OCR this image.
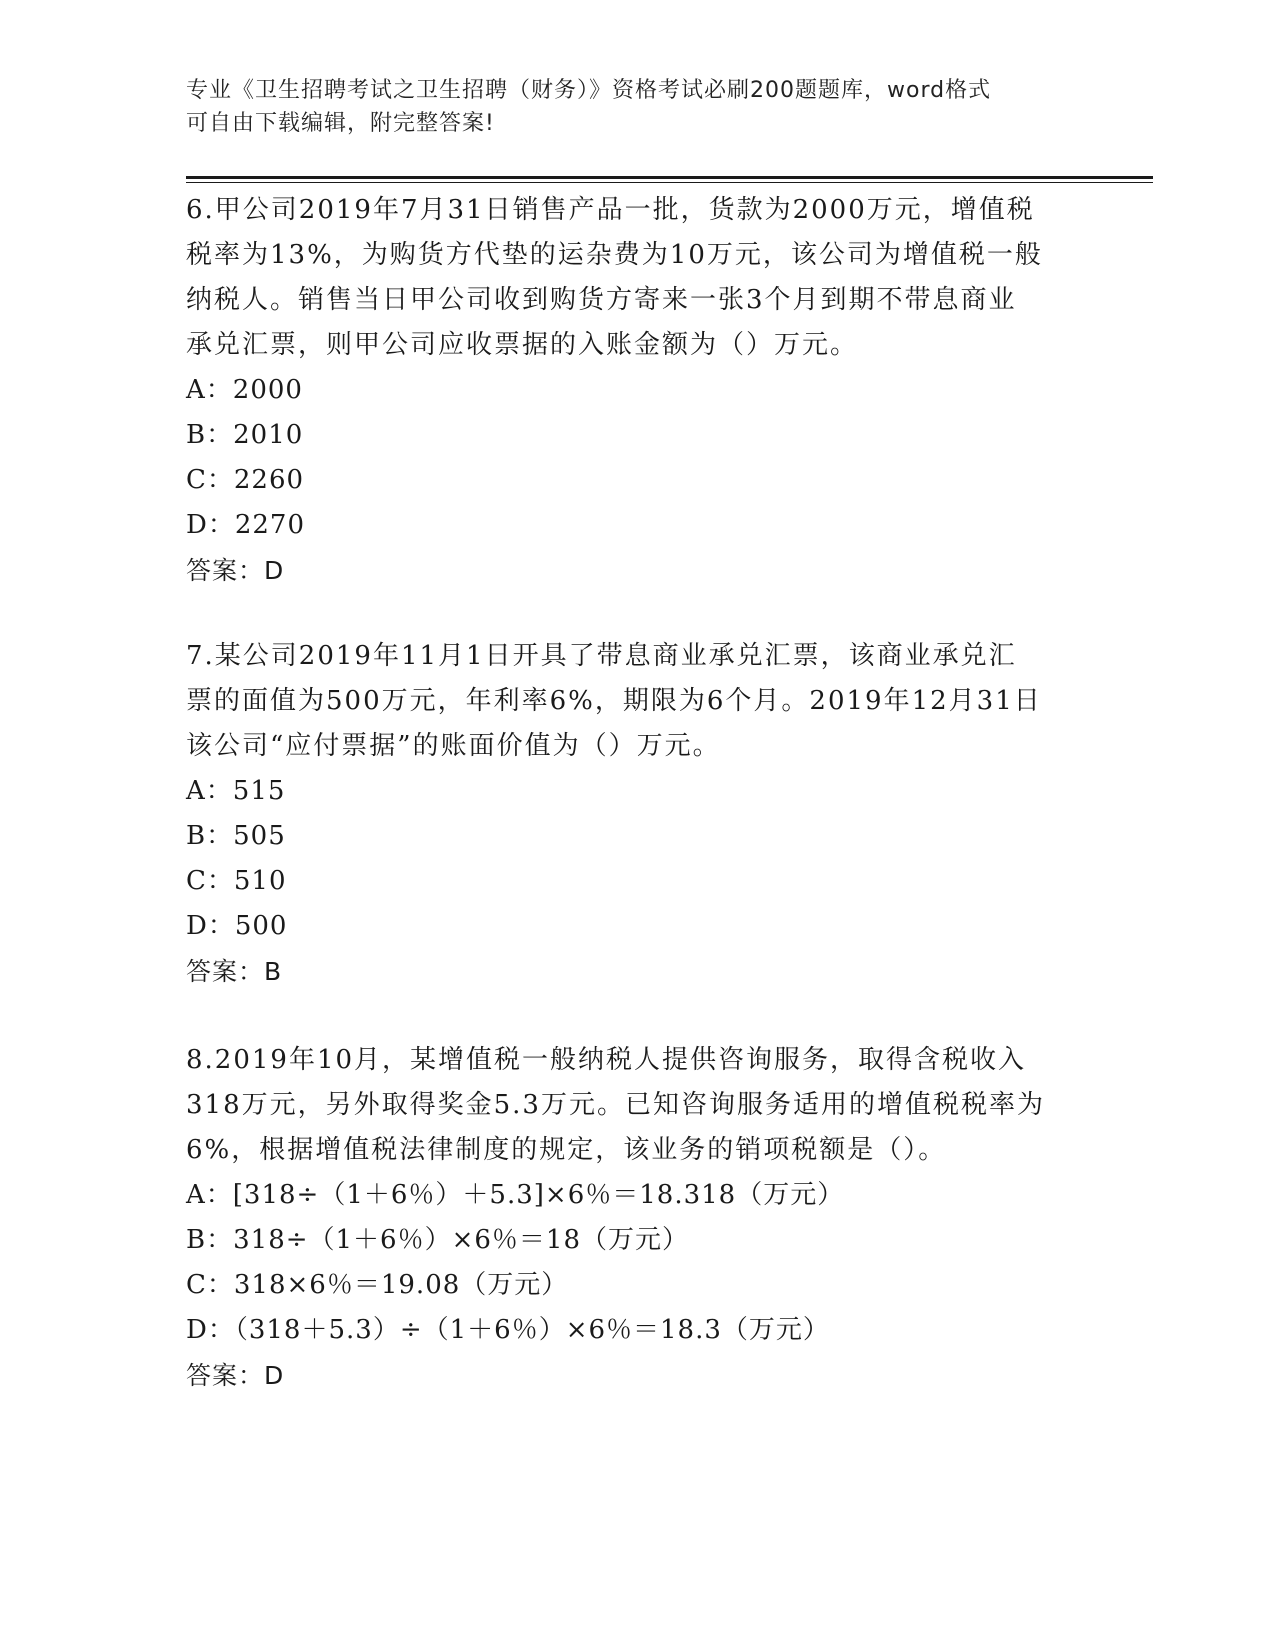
专业《卫生招聘考试之卫生招聘（财务）》资格考试必刷200题题库，word格式
可自由下载编辑，附完整答案!

6.甲公司2019年7月31日销售产品一批，货款为2000万元，增值税

税率为13%，为购货方代垫的运杂费为10万元，该公司为增值税一般

纳税人。销售当日甲公司收到购货方寄来一张3个月到期不带息商业

承兑汇票，则甲公司应收票据的入账金额为（）万元。

A：2000

B：2010

C：2260

D：2270

答案：D

7.某公司2019年11月1日开具了带息商业承兑汇票，该商业承兑汇

票的面值为500万元，年利率6%，期限为6个月。2019年12月31日

该公司“应付票据”的账面价值为（）万元。

A：515

B：505

C：510

D：500

答案：B

8.2019年10月，某增值税一般纳税人提供咨询服务，取得含税收入

318万元，另外取得奖金5.3万元。已知咨询服务适用的增值税税率为

6%，根据增值税法律制度的规定，该业务的销项税额是（）。

A：[318÷（1＋6％）＋5.3]×6％＝18.318（万元）

B：318÷（1＋6％）×6％＝18（万元）

C：318×6％＝19.08（万元）

D：（318＋5.3）÷（1＋6％）×6％＝18.3（万元）

答案：D
